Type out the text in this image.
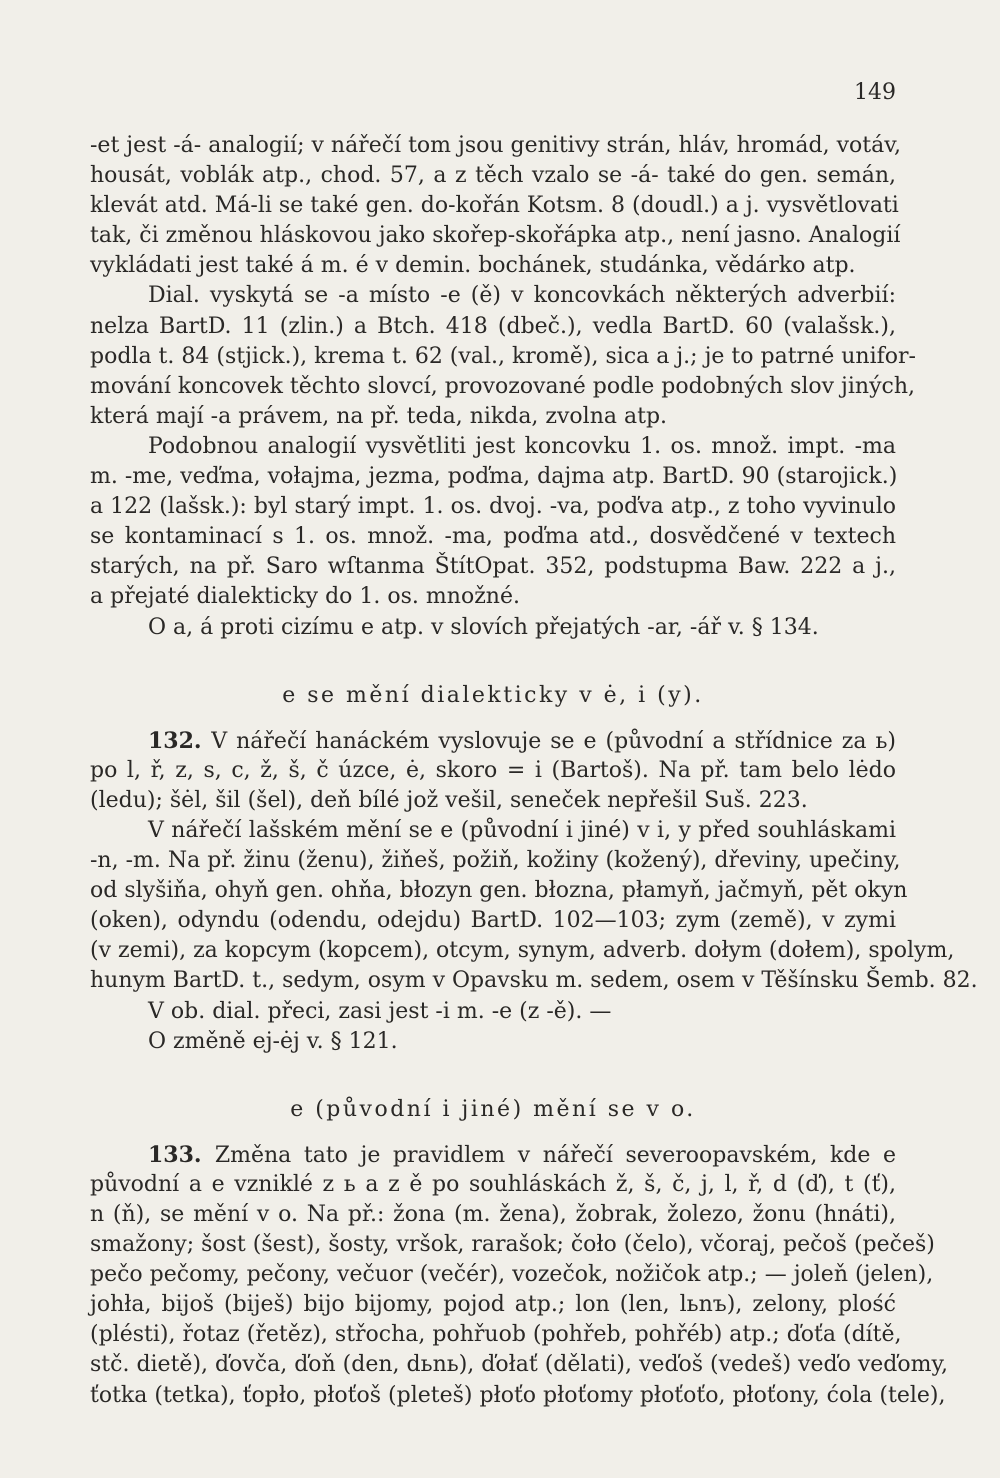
149
-et jest -á- analogií; v nářečí tom jsou genitivy strán, hláv, hromád, votáv,
housát, voblák atp., chod. 57, a z těch vzalo se -á- také do gen. semán,
klevát atd. Má-li se také gen. do-kořán Kotsm. 8 (doudl.) a j. vysvětlovati
tak, či změnou hláskovou jako skořep-skořápka atp., není jasno. Analogií
vykládati jest také á m. é v demin. bochánek, studánka, vědárko atp.
Dial. vyskytá se -a místo -e (ě) v koncovkách některých adverbií:
nelza BartD. 11 (zlin.) a Btch. 418 (dbeč.), vedla BartD. 60 (valašsk.),
podla t. 84 (stjick.), krema t. 62 (val., kromě), sica a j.; je to patrné unifor-
mování koncovek těchto slovcí, provozované podle podobných slov jiných,
která mají -a právem, na př. teda, nikda, zvolna atp.
Podobnou analogií vysvětliti jest koncovku 1. os. množ. impt. -ma
m. -me, veďma, vołajma, jezma, poďma, dajma atp. BartD. 90 (starojick.)
a 122 (lašsk.): byl starý impt. 1. os. dvoj. -va, poďva atp., z toho vyvinulo
se kontaminací s 1. os. množ. -ma, poďma atd., dosvědčené v textech
starých, na př. Saro wſtanma ŠtítOpat. 352, podstupma Baw. 222 a j.,
a přejaté dialekticky do 1. os. množné.
O a, á proti cizímu e atp. v slovích přejatých -ar, -ář v. § 134.
e se mění dialekticky v ė, i (y).
132. V nářečí hanáckém vyslovuje se e (původní a střídnice za ь)
po l, ř, z, s, c, ž, š, č úzce, ė, skoro = i (Bartoš). Na př. tam belo lėdo
(ledu); šėl, šil (šel), deň bílé jož vešil, seneček nepřešil Suš. 223.
V nářečí lašském mění se e (původní i jiné) v i, y před souhláskami
-n, -m. Na př. žinu (ženu), žiňeš, požiň, kožiny (kožený), dřeviny, upečiny,
od slyšiňa, ohyň gen. ohňa, błozyn gen. błozna, płamyň, jačmyň, pět okyn
(oken), odyndu (odendu, odejdu) BartD. 102—103; zym (země), v zymi
(v zemi), za kopcym (kopcem), otcym, synym, adverb. dołym (dołem), spolym,
hunym BartD. t., sedym, osym v Opavsku m. sedem, osem v Těšínsku Šemb. 82.
V ob. dial. přeci, zasi jest -i m. -e (z -ě). —
O změně ej-ėj v. § 121.
e (původní i jiné) mění se v o.
133. Změna tato je pravidlem v nářečí severoopavském, kde e
původní a e vzniklé z ь a z ě po souhláskách ž, š, č, j, l, ř, d (ď), t (ť),
n (ň), se mění v o. Na př.: žona (m. žena), žobrak, žolezo, žonu (hnáti),
smažony; šost (šest), šosty, vršok, rarašok; čoło (čelo), včoraj, pečoš (pečeš)
pečo pečomy, pečony, večuor (večér), vozečok, nožičok atp.; — joleň (jelen),
johła, bijoš (biješ) bijo bijomy, pojod atp.; lon (len, lьnъ), zelony, plość
(plésti), řotaz (řetěz), střocha, pohřuob (pohřeb, pohřéb) atp.; ďoťa (dítě,
stč. dietě), ďovča, ďoň (den, dьnь), ďołať (dělati), veďoš (vedeš) veďo veďomy,
ťotka (tetka), ťopło, płoťoš (pleteš) płoťo płoťomy płoťoťo, płoťony, ćola (tele),
